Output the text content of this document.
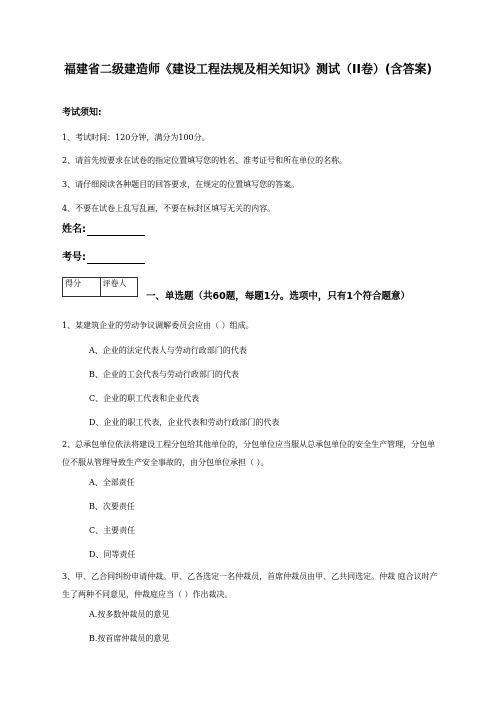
福建省二级建造师《建设工程法规及相关知识》测试（II卷）(含答案)
考试须知:
1、考试时间：120分钟，满分为100分。
2、请首先按要求在试卷的指定位置填写您的姓名、准考证号和所在单位的名称。
3、请仔细阅读各种题目的回答要求，在规定的位置填写您的答案。
4、不要在试卷上乱写乱画，不要在标封区填写无关的内容。
姓名:
考号:
得分	评卷人
一、单选题（共60题，每题1分。选项中，只有1个符合题意）
1、某建筑企业的劳动争议调解委员会应由（ ）组成。
A、企业的法定代表人与劳动行政部门的代表
B、企业的工会代表与劳动行政部门的代表
C、企业的职工代表和企业代表
D、企业的职工代表，企业代表和劳动行政部门的代表
2、总承包单位依法将建设工程分包给其他单位的，分包单位应当服从总承包单位的安全生产管理，分包单位不服从管理导致生产安全事故的，由分包单位承担（ ）。
A、全部责任
B、次要责任
C、主要责任
D、同等责任
3、甲、乙合同纠纷申请仲裁。甲、乙各选定一名仲裁员，首席仲裁员由甲、乙共同选定。仲裁 庭合议时产生了两种不同意见，仲裁庭应当（ ）作出裁决。
A.按多数仲裁员的意见
B.按首席仲裁员的意见
